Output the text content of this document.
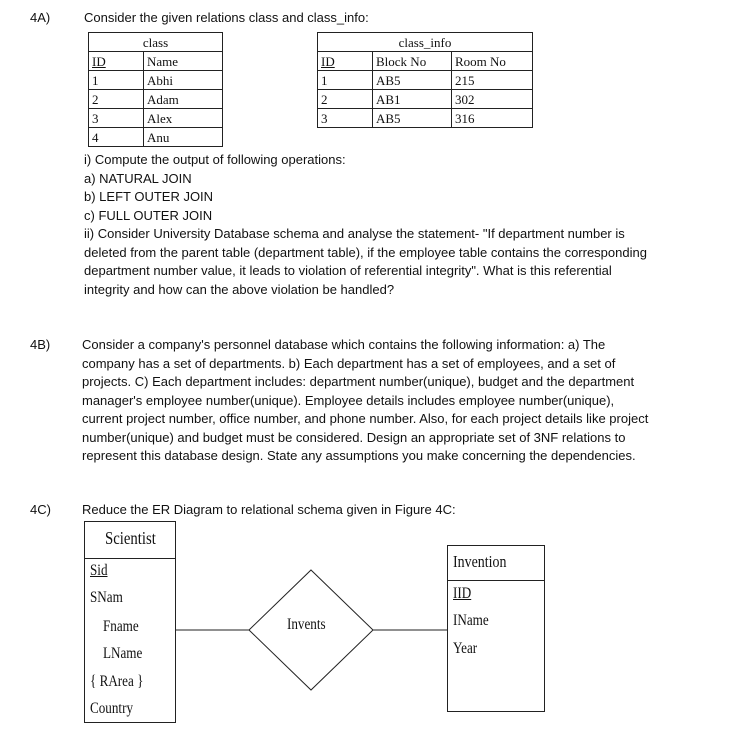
4A)	Consider the given relations class and class_info:
class	
ID	Name
1	Abhi
2	Adam
3	Alex
4	Anu
class_info		
ID	Block No	Room No
1	AB5	215
2	AB1	302
3	AB5	316
i) Compute the output of following operations:
a) NATURAL JOIN
b) LEFT OUTER JOIN
c) FULL OUTER JOIN
ii) Consider University Database schema and analyse the statement- "If department number is
deleted from the parent table (department table), if the employee table contains the corresponding
department number value, it leads to violation of referential integrity". What is this referential
integrity and how can the above violation be handled?
4B) Consider a company's personnel database which contains the following information: a) The
company has a set of departments. b) Each department has a set of employees, and a set of
projects. C) Each department includes: department number(unique), budget and the department
manager's employee number(unique). Employee details includes employee number(unique),
current project number, office number, and phone number. Also, for each project details like project
number(unique) and budget must be considered. Design an appropriate set of 3NF relations to
represent this database design. State any assumptions you make concerning the dependencies.
4C) Reduce the ER Diagram to relational schema given in Figure 4C:
Scientist
Sid
SNam
Fname
LName
{ RArea }
Country
Invents
Invention
IID
IName
Year
